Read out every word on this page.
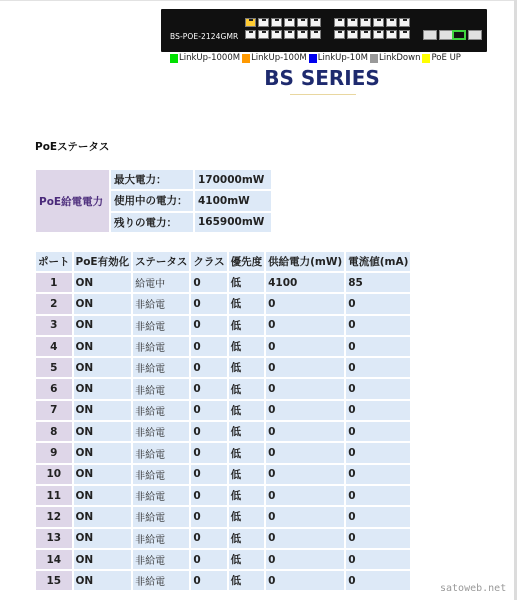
BS-POE-2124GMR
LinkUp-1000M LinkUp-100M LinkUp-10M LinkDown PoE UP
BS SERIES
PoEステータス
PoE給電電力	最大電力：	170000mW
	使用中の電力：	4100mW
	残りの電力：	165900mW
ポート	PoE有効化	ステータス	クラス	優先度	供給電力(mW)	電流値(mA)
1	ON	給電中	0	低	4100	85
2	ON	非給電	0	低	0	0
3	ON	非給電	0	低	0	0
4	ON	非給電	0	低	0	0
5	ON	非給電	0	低	0	0
6	ON	非給電	0	低	0	0
7	ON	非給電	0	低	0	0
8	ON	非給電	0	低	0	0
9	ON	非給電	0	低	0	0
10	ON	非給電	0	低	0	0
11	ON	非給電	0	低	0	0
12	ON	非給電	0	低	0	0
13	ON	非給電	0	低	0	0
14	ON	非給電	0	低	0	0
15	ON	非給電	0	低	0	0
satoweb.net
